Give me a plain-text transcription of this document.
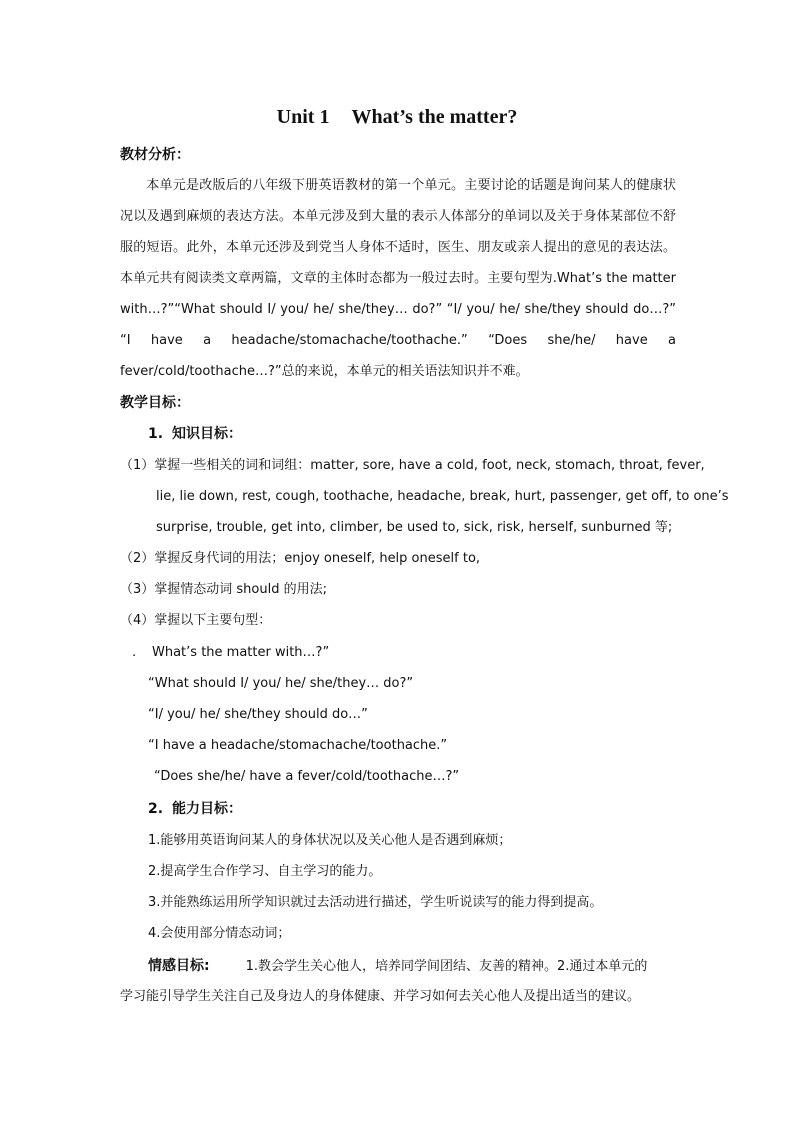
Unit 1 What’s the matter?
教材分析：
本单元是改版后的八年级下册英语教材的第一个单元。主要讨论的话题是询问某人的健康状况以及遇到麻烦的表达方法。本单元涉及到大量的表示人体部分的单词以及关于身体某部位不舒服的短语。此外，本单元还涉及到党当人身体不适时，医生、朋友或亲人提出的意见的表达法。本单元共有阅读类文章两篇，文章的主体时态都为一般过去时。主要句型为.What’s the matter with…?”“What should I/ you/ he/ she/they… do?” “I/ you/ he/ she/they should do…?” “I have a headache/stomachache/toothache.” “Does she/he/ have a fever/cold/toothache…?”总的来说，本单元的相关语法知识并不难。
教学目标：
1. 知识目标：
（1）掌握一些相关的词和词组：matter, sore, have a cold, foot, neck, stomach, throat, fever,
lie, lie down, rest, cough, toothache, headache, break, hurt, passenger, get off, to one’s
surprise, trouble, get into, climber, be used to, sick, risk, herself, sunburned 等;
（2）掌握反身代词的用法；enjoy oneself, help oneself to,
（3）掌握情态动词 should 的用法;
（4）掌握以下主要句型：
. What’s the matter with…?”
“What should I/ you/ he/ she/they… do?”
“I/ you/ he/ she/they should do…”
“I have a headache/stomachache/toothache.”
“Does she/he/ have a fever/cold/toothache…?”
2. 能力目标：
1.能够用英语询问某人的身体状况以及关心他人是否遇到麻烦；
2.提高学生合作学习、自主学习的能力。
3.并能熟练运用所学知识就过去活动进行描述，学生听说读写的能力得到提高。
4.会使用部分情态动词；
情感目标:	1.教会学生关心他人，培养同学间团结、友善的精神。2.通过本单元的
学习能引导学生关注自己及身边人的身体健康、并学习如何去关心他人及提出适当的建议。
